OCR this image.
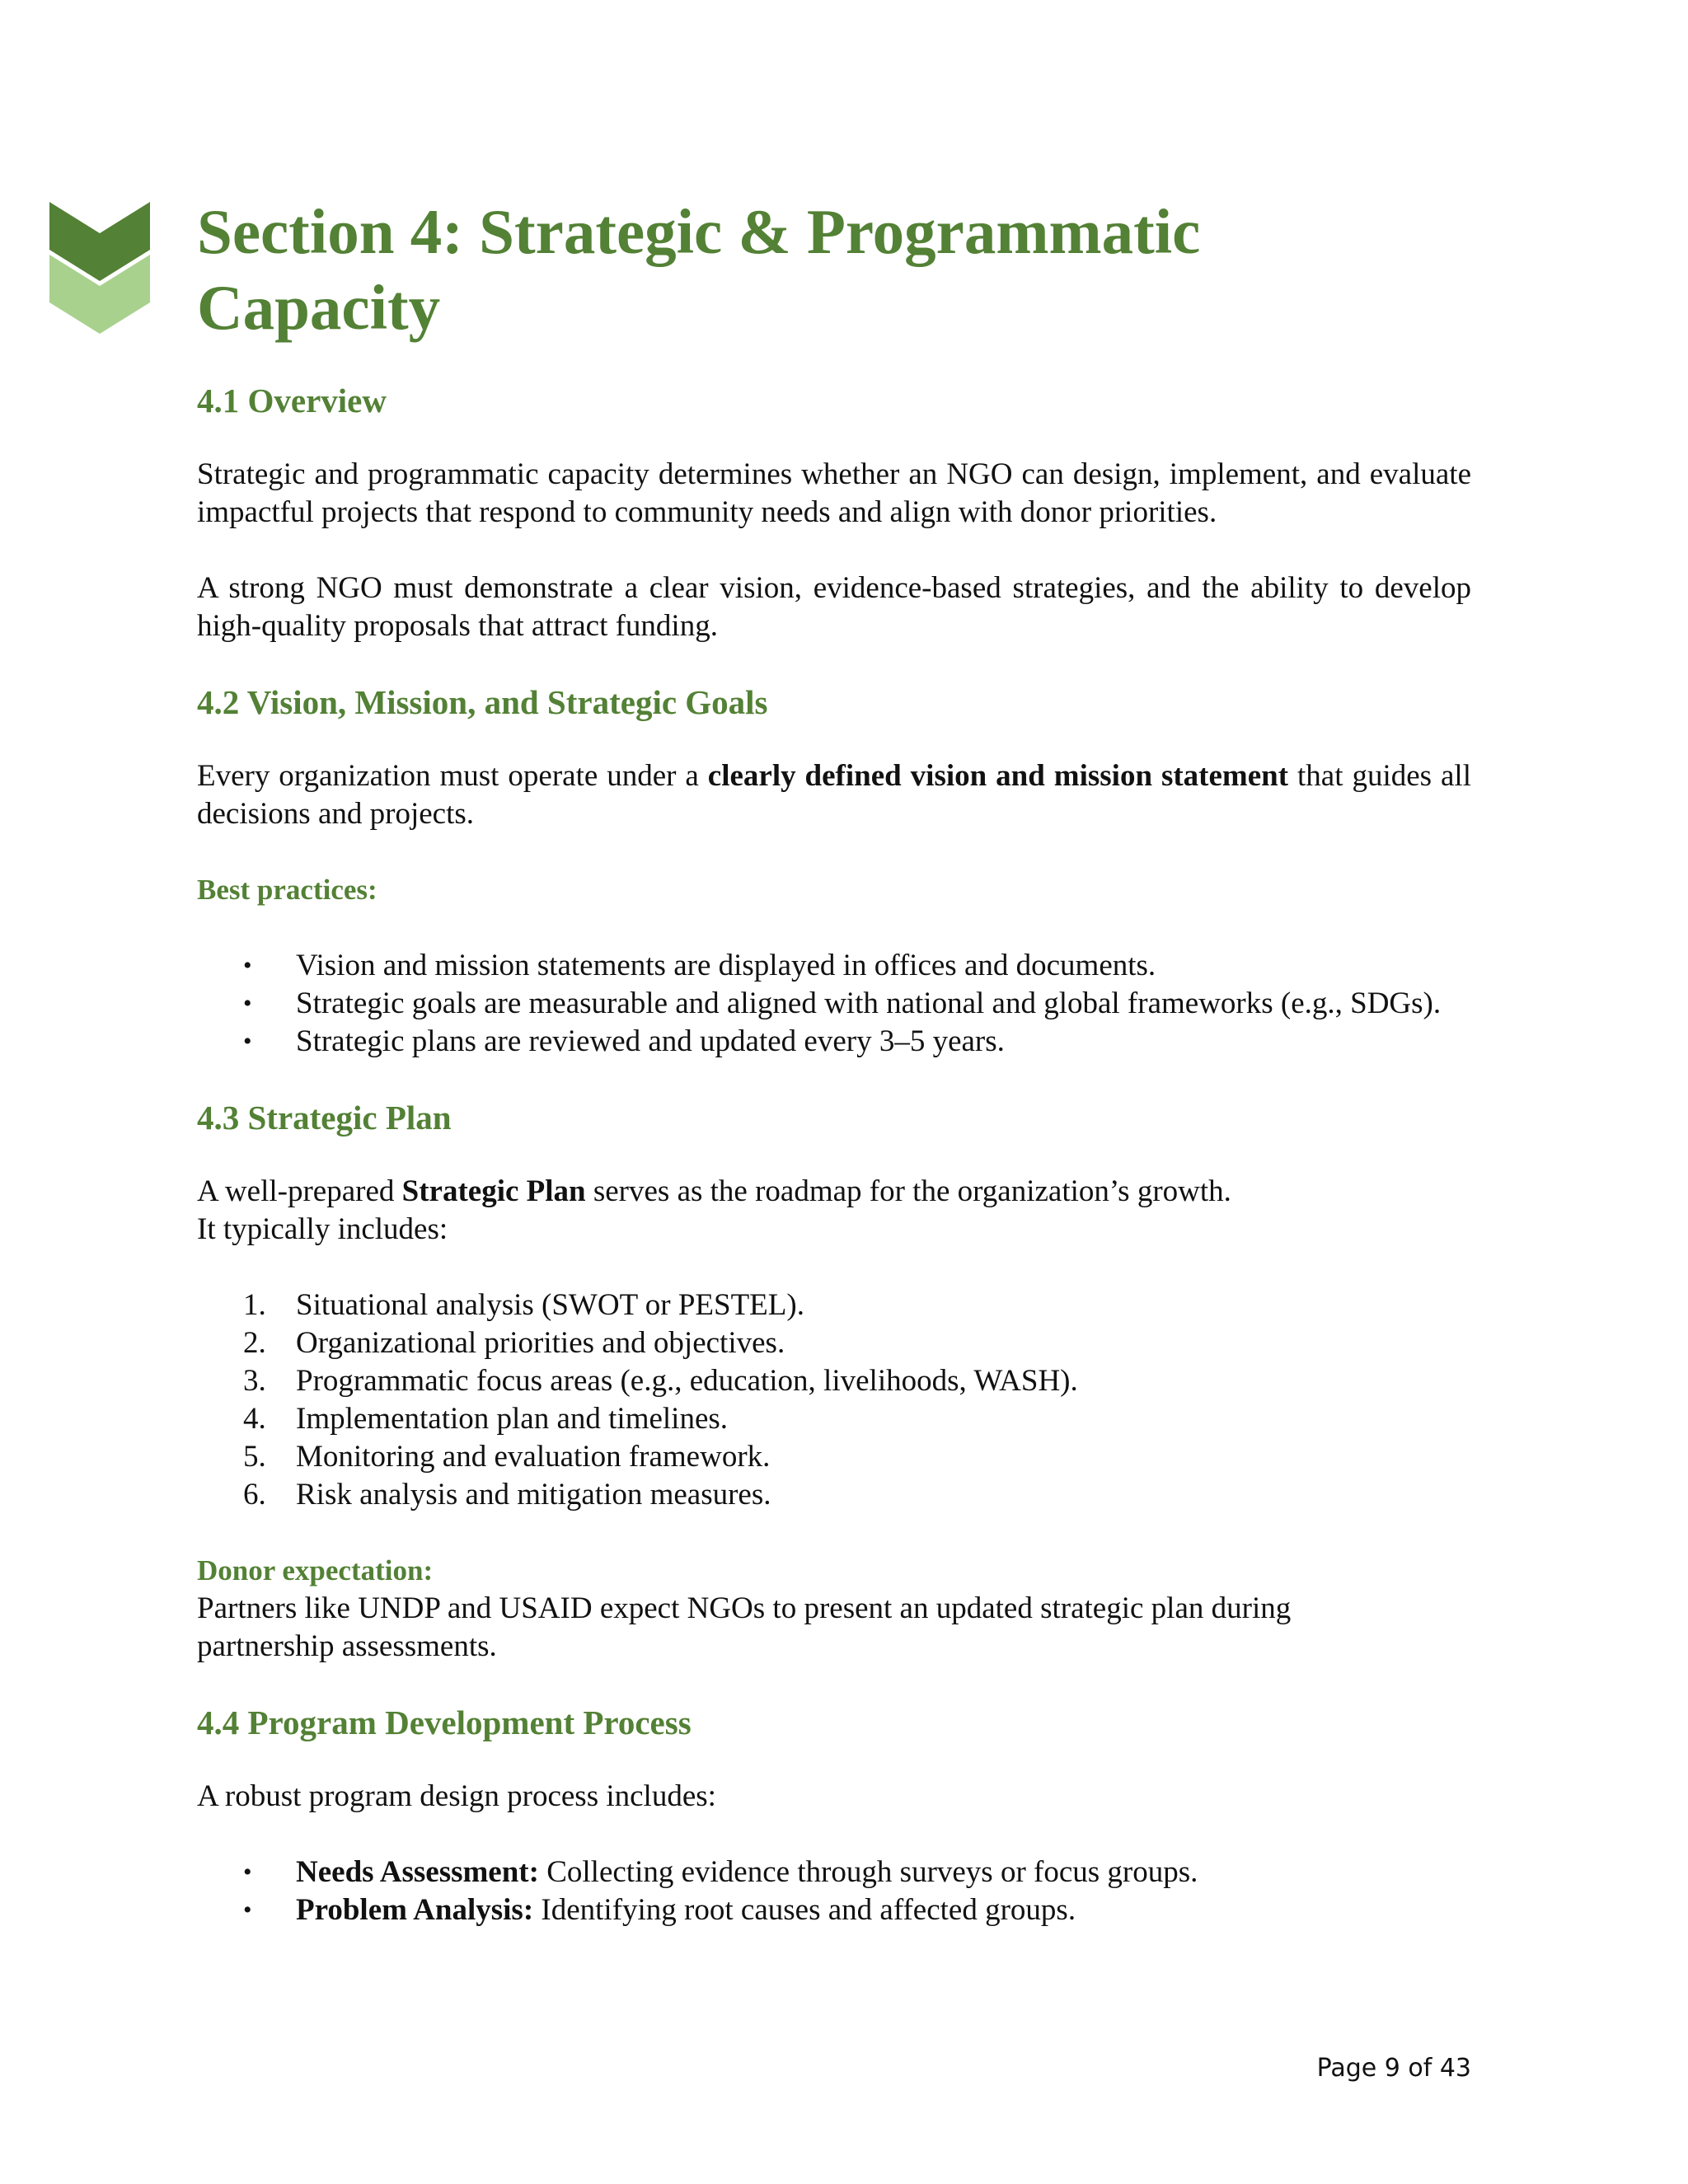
Section 4: Strategic & Programmatic Capacity
4.1 Overview

Strategic and programmatic capacity determines whether an NGO can design, implement, and evaluate impactful projects that respond to community needs and align with donor priorities.

A strong NGO must demonstrate a clear vision, evidence-based strategies, and the ability to develop high-quality proposals that attract funding.

4.2 Vision, Mission, and Strategic Goals

Every organization must operate under a clearly defined vision and mission statement that guides all decisions and projects.

Best practices:

•	Vision and mission statements are displayed in offices and documents.
•	Strategic goals are measurable and aligned with national and global frameworks (e.g., SDGs).
•	Strategic plans are reviewed and updated every 3–5 years.
4.3 Strategic Plan

A well-prepared Strategic Plan serves as the roadmap for the organization’s growth.

It typically includes:

1. Situational analysis (SWOT or PESTEL).
2. Organizational priorities and objectives.
3. Programmatic focus areas (e.g., education, livelihoods, WASH).
4. Implementation plan and timelines.
5. Monitoring and evaluation framework.
6. Risk analysis and mitigation measures.

Donor expectation:

Partners like UNDP and USAID expect NGOs to present an updated strategic plan during partnership assessments.

4.4 Program Development Process

A robust program design process includes:

•	Needs Assessment: Collecting evidence through surveys or focus groups.
•	Problem Analysis: Identifying root causes and affected groups.
Page 9 of 43
